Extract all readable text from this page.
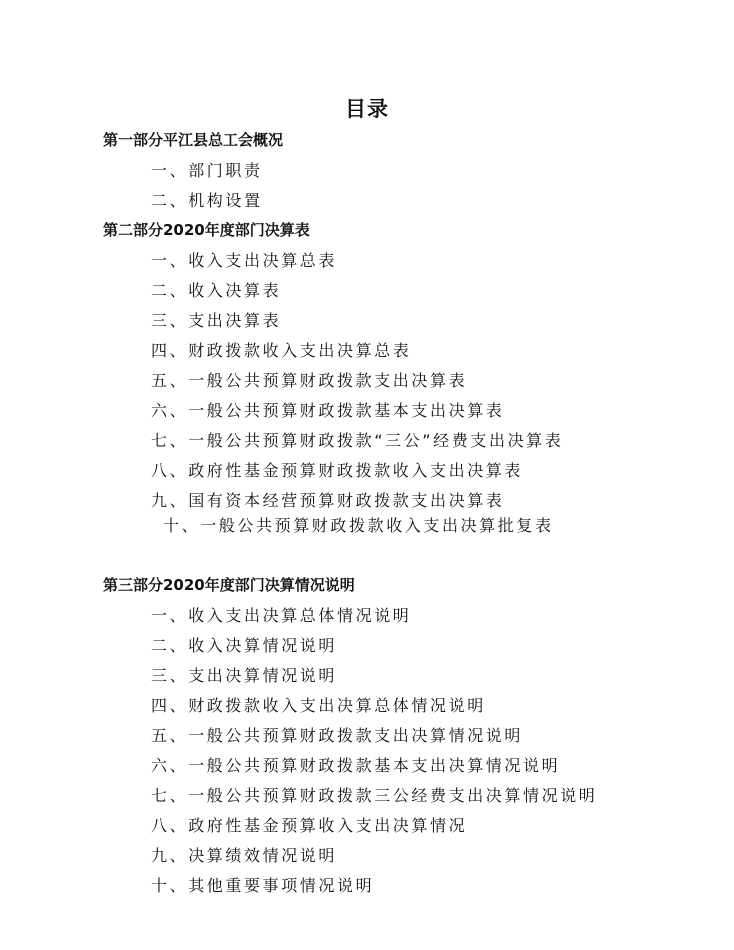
目录
第一部分平江县总工会概况
一、部门职责
二、机构设置
第二部分2020年度部门决算表
一、收入支出决算总表
二、收入决算表
三、支出决算表
四、财政拨款收入支出决算总表
五、一般公共预算财政拨款支出决算表
六、一般公共预算财政拨款基本支出决算表
七、一般公共预算财政拨款“三公”经费支出决算表
八、政府性基金预算财政拨款收入支出决算表
九、国有资本经营预算财政拨款支出决算表
十、一般公共预算财政拨款收入支出决算批复表
第三部分2020年度部门决算情况说明
一、收入支出决算总体情况说明
二、收入决算情况说明
三、支出决算情况说明
四、财政拨款收入支出决算总体情况说明
五、一般公共预算财政拨款支出决算情况说明
六、一般公共预算财政拨款基本支出决算情况说明
七、一般公共预算财政拨款三公经费支出决算情况说明
八、政府性基金预算收入支出决算情况
九、决算绩效情况说明
十、其他重要事项情况说明
